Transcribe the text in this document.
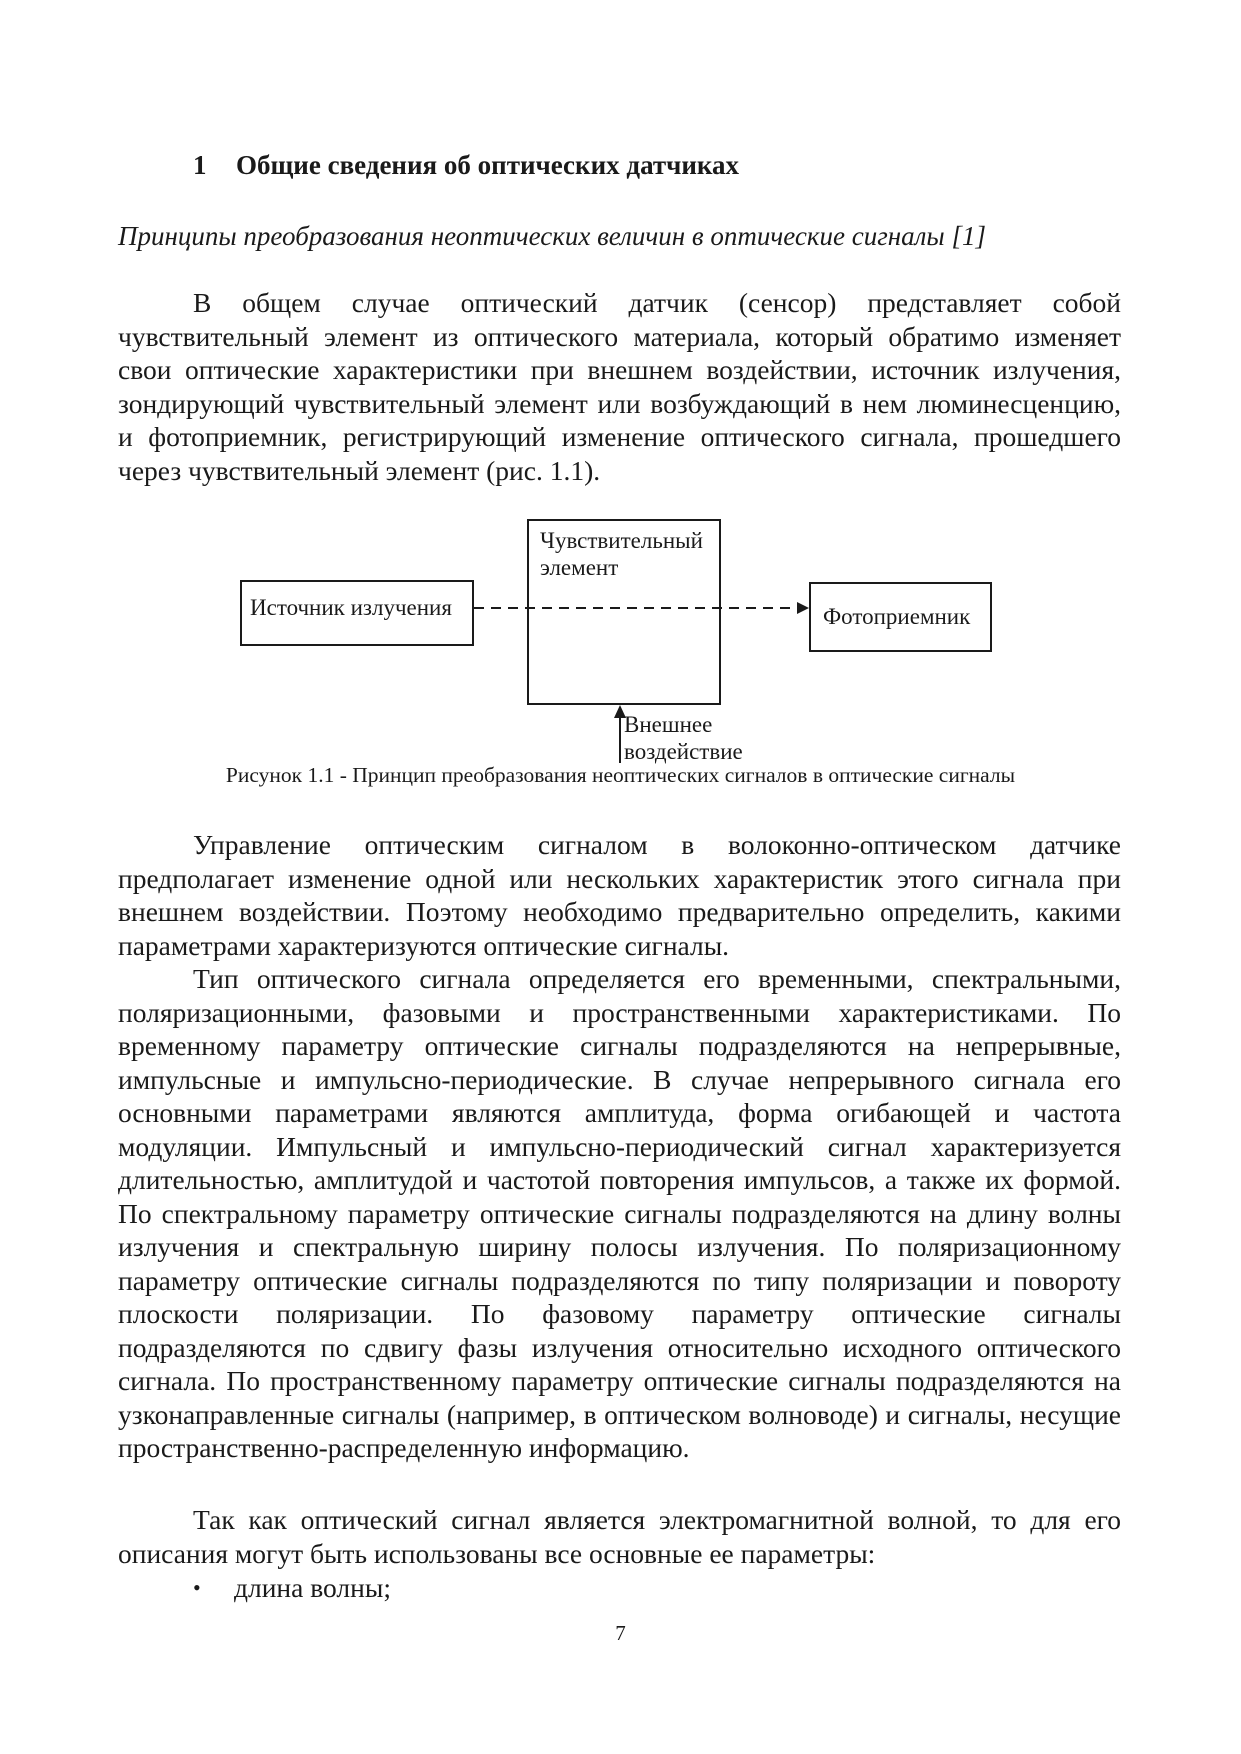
1 Общие сведения об оптических датчиках
Принципы преобразования неоптических величин в оптические сигналы [1]

В общем случае оптический датчик (сенсор) представляет собой чувствительный элемент из оптического материала, который обратимо изменяет свои оптические характеристики при внешнем воздействии, источник излучения, зондирующий чувствительный элемент или возбуждающий в нем люминесценцию, и фотоприемник, регистрирующий изменение оптического сигнала, прошедшего через чувствительный элемент (рис. 1.1).

Источник излучения
Чувствительный элемент
Фотоприемник
Внешнее воздействие
Рисунок 1.1 - Принцип преобразования неоптических сигналов в оптические сигналы

Управление оптическим сигналом в волоконно-оптическом датчике предполагает изменение одной или нескольких характеристик этого сигнала при внешнем воздействии. Поэтому необходимо предварительно определить, какими параметрами характеризуются оптические сигналы.

Тип оптического сигнала определяется его временными, спектральными, поляризационными, фазовыми и пространственными характеристиками. По временному параметру оптические сигналы подразделяются на непрерывные, импульсные и импульсно-периодические. В случае непрерывного сигнала его основными параметрами являются амплитуда, форма огибающей и частота модуляции. Импульсный и импульсно-периодический сигнал характеризуется длительностью, амплитудой и частотой повторения импульсов, а также их формой. По спектральному параметру оптические сигналы подразделяются на длину волны излучения и спектральную ширину полосы излучения. По поляризационному параметру оптические сигналы подразделяются по типу поляризации и повороту плоскости поляризации. По фазовому параметру оптические сигналы подразделяются по сдвигу фазы излучения относительно исходного оптического сигнала. По пространственному параметру оптические сигналы подразделяются на узконаправленные сигналы (например, в оптическом волноводе) и сигналы, несущие пространственно-распределенную информацию.

Так как оптический сигнал является электромагнитной волной, то для его описания могут быть использованы все основные ее параметры:

• длина волны;
7
